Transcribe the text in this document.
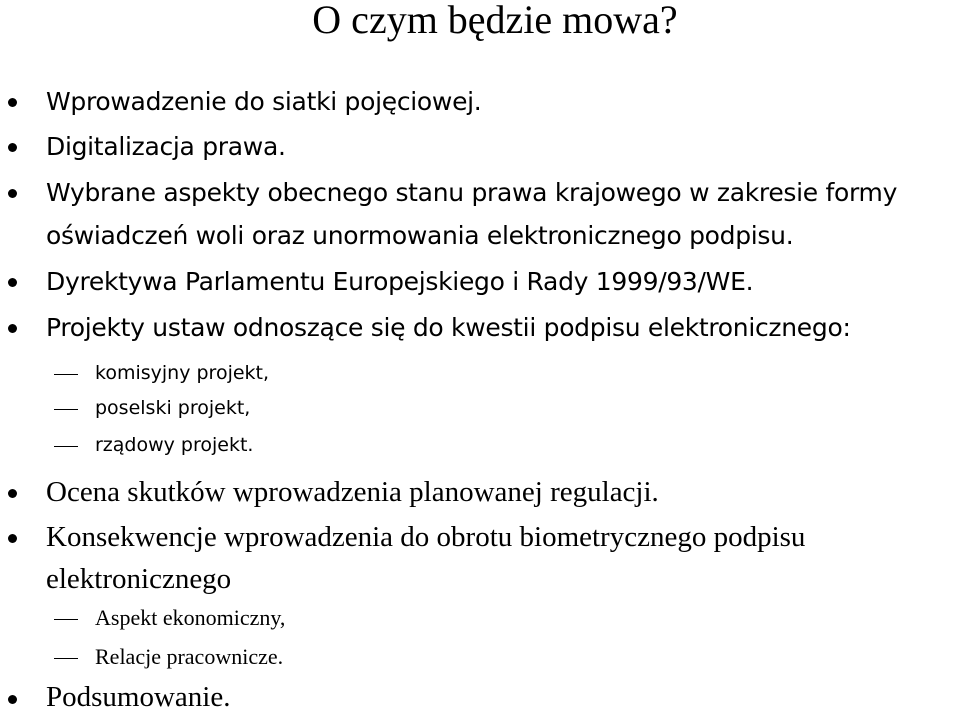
O czym będzie mowa?
Wprowadzenie do siatki pojęciowej.
Digitalizacja prawa.
Wybrane aspekty obecnego stanu prawa krajowego w zakresie formy
oświadczeń woli oraz unormowania elektronicznego podpisu.
Dyrektywa Parlamentu Europejskiego i Rady 1999/93/WE.
Projekty ustaw odnoszące się do kwestii podpisu elektronicznego:
komisyjny projekt,
poselski projekt,
rządowy projekt.
Ocena skutków wprowadzenia planowanej regulacji.
Konsekwencje wprowadzenia do obrotu biometrycznego podpisu
elektronicznego
Aspekt ekonomiczny,
Relacje pracownicze.
Podsumowanie.
